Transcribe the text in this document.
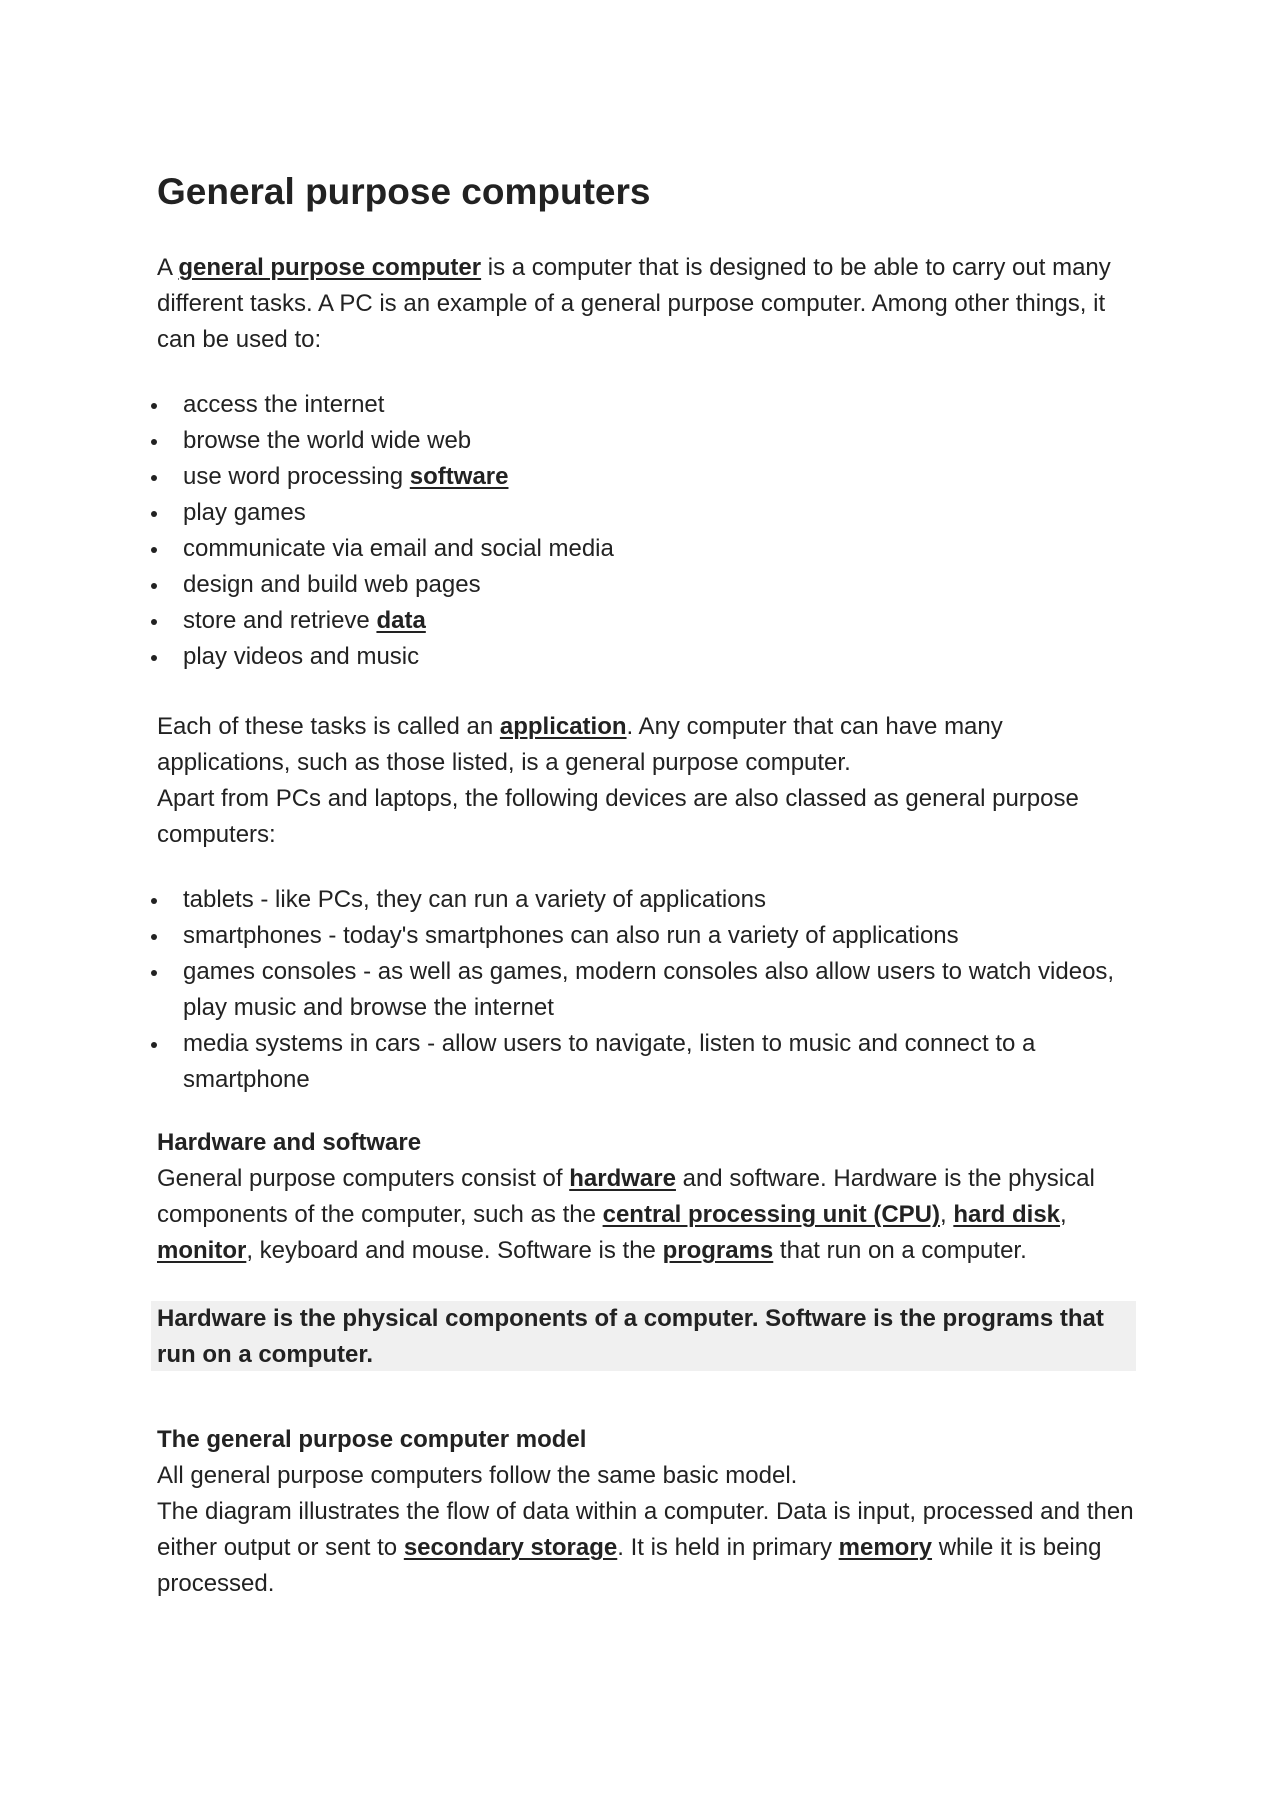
General purpose computers
A general purpose computer is a computer that is designed to be able to carry out many different tasks. A PC is an example of a general purpose computer. Among other things, it can be used to:
access the internet
browse the world wide web
use word processing software
play games
communicate via email and social media
design and build web pages
store and retrieve data
play videos and music
Each of these tasks is called an application. Any computer that can have many applications, such as those listed, is a general purpose computer.
Apart from PCs and laptops, the following devices are also classed as general purpose computers:
tablets - like PCs, they can run a variety of applications
smartphones - today's smartphones can also run a variety of applications
games consoles - as well as games, modern consoles also allow users to watch videos, play music and browse the internet
media systems in cars - allow users to navigate, listen to music and connect to a smartphone
Hardware and software
General purpose computers consist of hardware and software. Hardware is the physical components of the computer, such as the central processing unit (CPU), hard disk, monitor, keyboard and mouse. Software is the programs that run on a computer.
Hardware is the physical components of a computer. Software is the programs that run on a computer.
The general purpose computer model
All general purpose computers follow the same basic model.
The diagram illustrates the flow of data within a computer. Data is input, processed and then either output or sent to secondary storage. It is held in primary memory while it is being processed.
